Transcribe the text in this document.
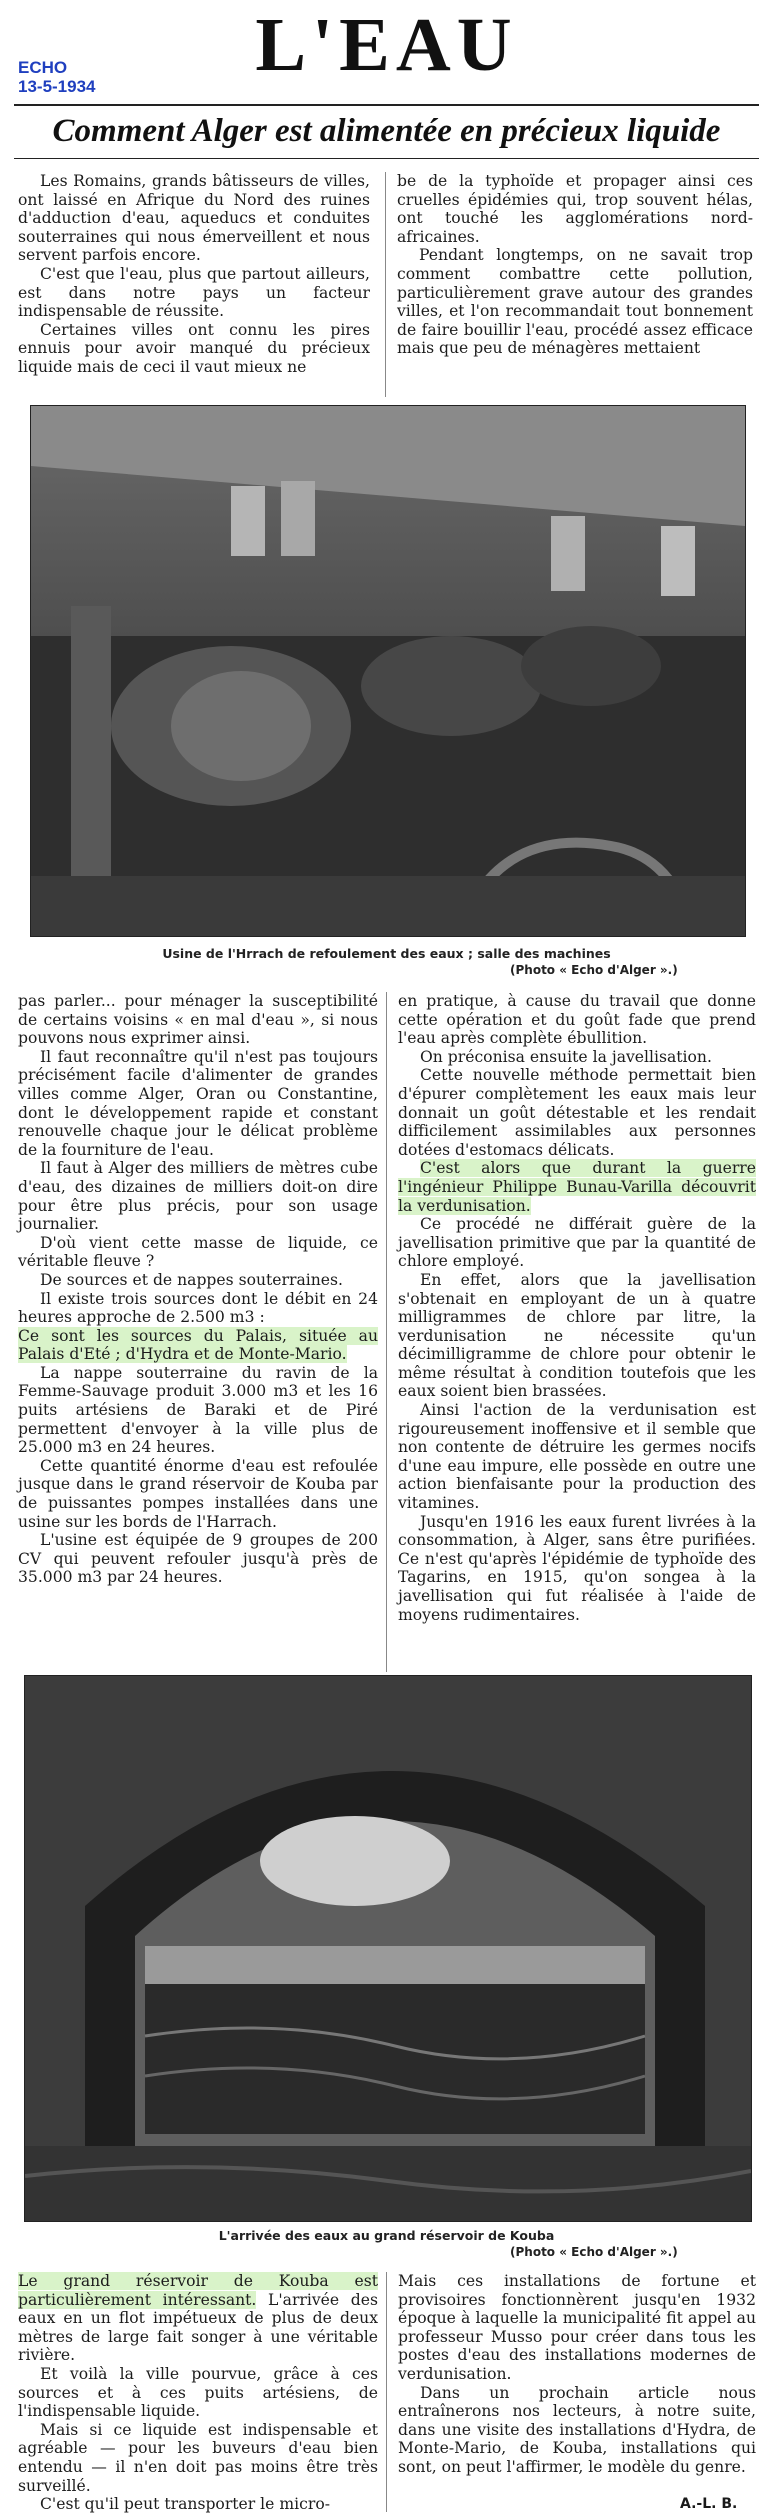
ECHO
13-5-1934	L'EAU
Comment Alger est alimentée en précieux liquide

Les Romains, grands bâtisseurs de villes, ont laissé en Afrique du Nord des ruines d'adduction d'eau, aqueducs et conduites souterraines qui nous émerveillent et nous servent parfois encore.

C'est que l'eau, plus que partout ailleurs, est dans notre pays un facteur indispensable de réussite.

Certaines villes ont connu les pires ennuis pour avoir manqué du précieux liquide mais de ceci il vaut mieux ne

be de la typhoïde et propager ainsi ces cruelles épidémies qui, trop souvent hélas, ont touché les agglomérations nord-africaines.

Pendant longtemps, on ne savait trop comment combattre cette pollution, particulièrement grave autour des grandes villes, et l'on recommandait tout bonnement de faire bouillir l'eau, procédé assez efficace mais que peu de ménagères mettaient

Usine de l'Hrrach de refoulement des eaux ; salle des machines
(Photo « Echo d'Alger ».)

pas parler... pour ménager la susceptibilité de certains voisins « en mal d'eau », si nous pouvons nous exprimer ainsi.

Il faut reconnaître qu'il n'est pas toujours précisément facile d'alimenter de grandes villes comme Alger, Oran ou Constantine, dont le développement rapide et constant renouvelle chaque jour le délicat problème de la fourniture de l'eau.

Il faut à Alger des milliers de mètres cube d'eau, des dizaines de milliers doit-on dire pour être plus précis, pour son usage journalier.

D'où vient cette masse de liquide, ce véritable fleuve ?

De sources et de nappes souterraines.

Il existe trois sources dont le débit en 24 heures approche de 2.500 m3 :

Ce sont les sources du Palais, située au Palais d'Eté ; d'Hydra et de Monte-Mario.

La nappe souterraine du ravin de la Femme-Sauvage produit 3.000 m3 et les 16 puits artésiens de Baraki et de Piré permettent d'envoyer à la ville plus de 25.000 m3 en 24 heures.

Cette quantité énorme d'eau est refoulée jusque dans le grand réservoir de Kouba par de puissantes pompes installées dans une usine sur les bords de l'Harrach.

L'usine est équipée de 9 groupes de 200 CV qui peuvent refouler jusqu'à près de 35.000 m3 par 24 heures.

en pratique, à cause du travail que donne cette opération et du goût fade que prend l'eau après complète ébullition.

On préconisa ensuite la javellisation.

Cette nouvelle méthode permettait bien d'épurer complètement les eaux mais leur donnait un goût détestable et les rendait difficilement assimilables aux personnes dotées d'estomacs délicats.

C'est alors que durant la guerre l'ingénieur Philippe Bunau-Varilla découvrit la verdunisation.

Ce procédé ne différait guère de la javellisation primitive que par la quantité de chlore employé.

En effet, alors que la javellisation s'obtenait en employant de un à quatre milligrammes de chlore par litre, la verdunisation ne nécessite qu'un décimilligramme de chlore pour obtenir le même résultat à condition toutefois que les eaux soient bien brassées.

Ainsi l'action de la verdunisation est rigoureusement inoffensive et il semble que non contente de détruire les germes nocifs d'une eau impure, elle possède en outre une action bienfaisante pour la production des vitamines.

Jusqu'en 1916 les eaux furent livrées à la consommation, à Alger, sans être purifiées. Ce n'est qu'après l'épidémie de typhoïde des Tagarins, en 1915, qu'on songea à la javellisation qui fut réalisée à l'aide de moyens rudimentaires.

L'arrivée des eaux au grand réservoir de Kouba
(Photo « Echo d'Alger ».)

Le grand réservoir de Kouba est particulièrement intéressant. L'arrivée des eaux en un flot impétueux de plus de deux mètres de large fait songer à une véritable rivière.

Et voilà la ville pourvue, grâce à ces sources et à ces puits artésiens, de l'indispensable liquide.

Mais si ce liquide est indispensable et agréable — pour les buveurs d'eau bien entendu — il n'en doit pas moins être très surveillé.

C'est qu'il peut transporter le micro-

Mais ces installations de fortune et provisoires fonctionnèrent jusqu'en 1932 époque à laquelle la municipalité fit appel au professeur Musso pour créer dans tous les postes d'eau des installations modernes de verdunisation.

Dans un prochain article nous entraînerons nos lecteurs, à notre suite, dans une visite des installations d'Hydra, de Monte-Mario, de Kouba, installations qui sont, on peut l'affirmer, le modèle du genre.

A.-L. B.
